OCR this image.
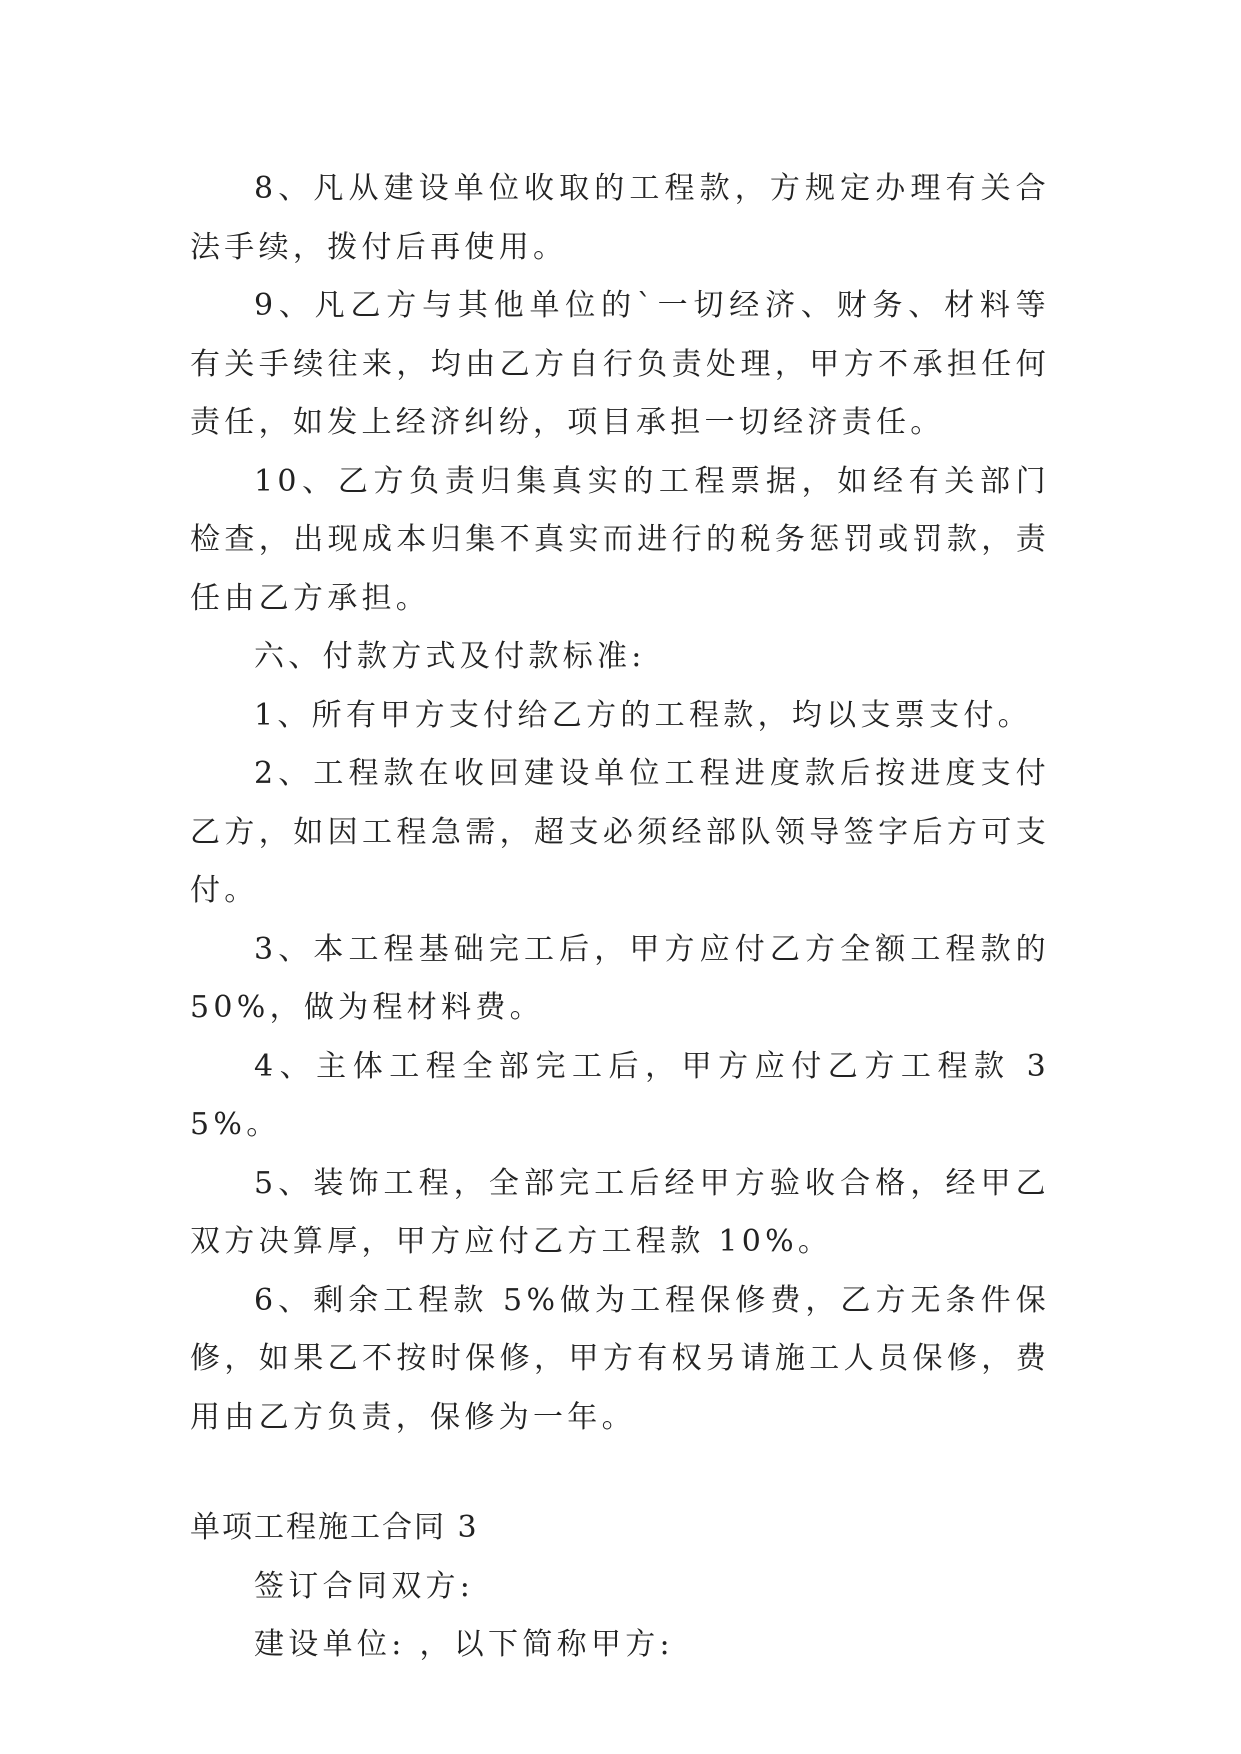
8、凡从建设单位收取的工程款，方规定办理有关合法手续，拨付后再使用。

9、凡乙方与其他单位的`一切经济、财务、材料等有关手续往来，均由乙方自行负责处理，甲方不承担任何责任，如发上经济纠纷，项目承担一切经济责任。

10、乙方负责归集真实的工程票据，如经有关部门检查，出现成本归集不真实而进行的税务惩罚或罚款，责任由乙方承担。

六、付款方式及付款标准:

1、所有甲方支付给乙方的工程款，均以支票支付。

2、工程款在收回建设单位工程进度款后按进度支付乙方，如因工程急需，超支必须经部队领导签字后方可支付。

3、本工程基础完工后，甲方应付乙方全额工程款的50%，做为程材料费。

4、主体工程全部完工后，甲方应付乙方工程款 35%。

5、装饰工程，全部完工后经甲方验收合格，经甲乙双方决算厚，甲方应付乙方工程款 10%。

6、剩余工程款 5%做为工程保修费，乙方无条件保修，如果乙不按时保修，甲方有权另请施工人员保修，费用由乙方负责，保修为一年。

单项工程施工合同 3

签订合同双方:

建设单位: ，以下简称甲方:
